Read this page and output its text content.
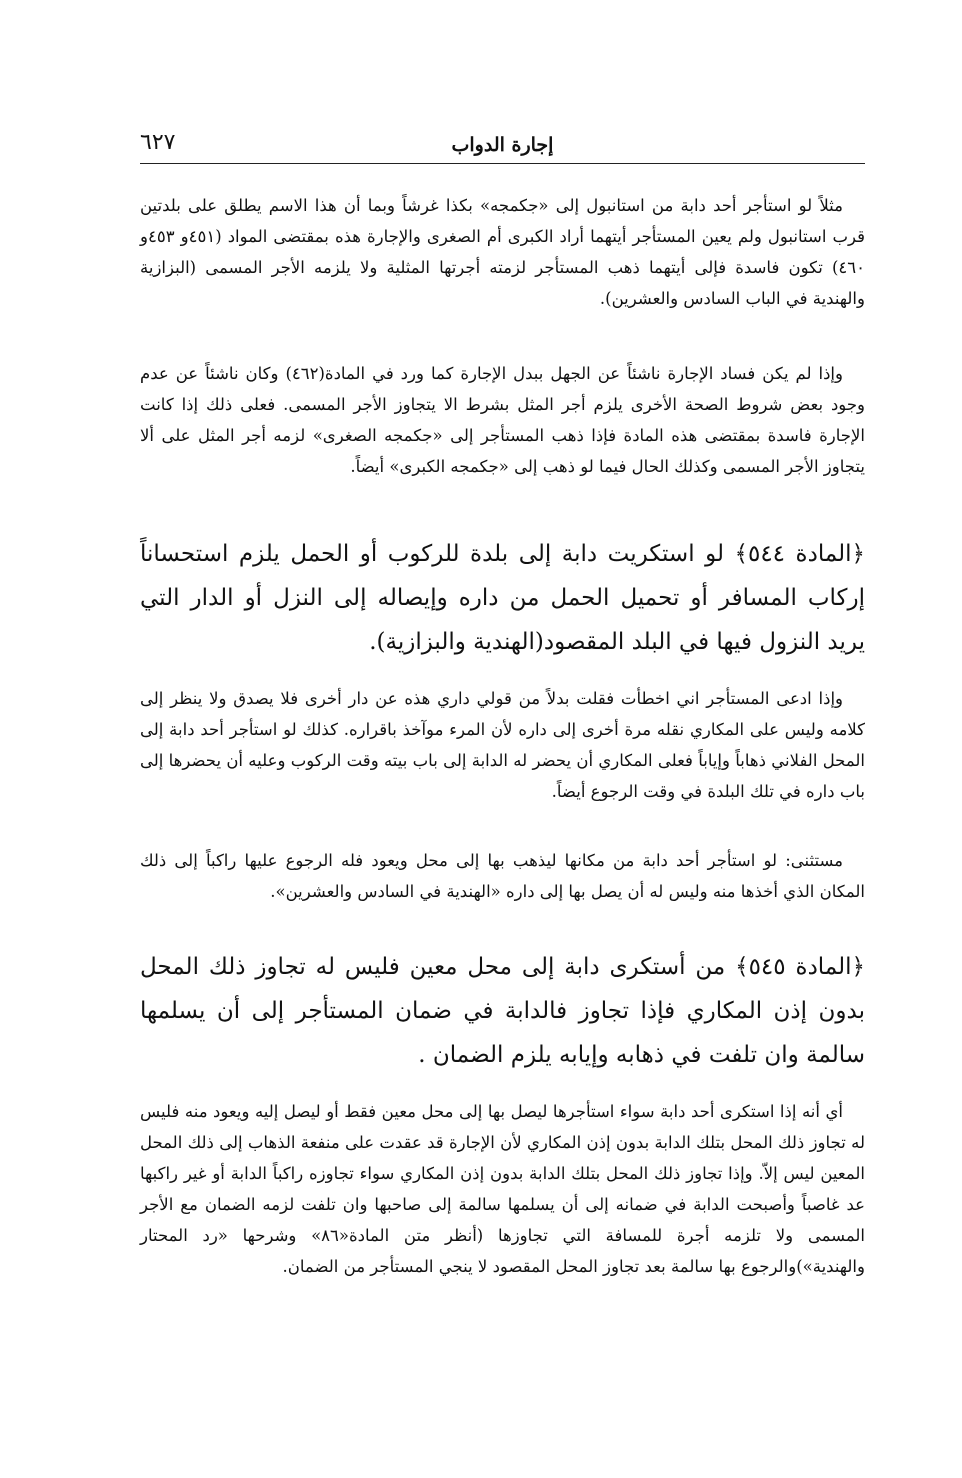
إجارة الدواب
٦٢٧

مثلاً لو استأجر أحد دابة من استانبول إلى «جكمجه» بكذا غرشاً وبما أن هذا الاسم يطلق على بلدتين قرب استانبول ولم يعين المستأجر أيتهما أراد الكبرى أم الصغرى والإجارة هذه بمقتضى المواد (٤٥١و ٤٥٣و ٤٦٠) تكون فاسدة فإلى أيتهما ذهب المستأجر لزمته أجرتها المثلية ولا يلزمه الأجر المسمى (البزازية والهندية في الباب السادس والعشرين).

وإذا لم يكن فساد الإجارة ناشئاً عن الجهل ببدل الإجارة كما ورد في المادة(٤٦٢) وكان ناشئاً عن عدم وجود بعض شروط الصحة الأخرى يلزم أجر المثل بشرط الا يتجاوز الأجر المسمى. فعلى ذلك إذا كانت الإجارة فاسدة بمقتضى هذه المادة فإذا ذهب المستأجر إلى «جكمجه الصغرى» لزمه أجر المثل على ألا يتجاوز الأجر المسمى وكذلك الحال فيما لو ذهب إلى «جكمجه الكبرى» أيضاً.

﴿المادة ٥٤٤﴾ لو استكريت دابة إلى بلدة للركوب أو الحمل يلزم استحساناً إركاب المسافر أو تحميل الحمل من داره وإيصاله إلى النزل أو الدار التي يريد النزول فيها في البلد المقصود(الهندية والبزازية).

وإذا ادعى المستأجر اني اخطأت فقلت بدلاً من قولي داري هذه عن دار أخرى فلا يصدق ولا ينظر إلى كلامه وليس على المكاري نقله مرة أخرى إلى داره لأن المرء موآخذ باقراره. كذلك لو استأجر أحد دابة إلى المحل الفلاني ذهاباً وإياباً فعلى المكاري أن يحضر له الدابة إلى باب بيته وقت الركوب وعليه أن يحضرها إلى باب داره في تلك البلدة في وقت الرجوع أيضاً.

مستثنى: لو استأجر أحد دابة من مكانها ليذهب بها إلى محل ويعود فله الرجوع عليها راكباً إلى ذلك المكان الذي أخذها منه وليس له أن يصل بها إلى داره «الهندية في السادس والعشرين».

﴿المادة ٥٤٥﴾ من أستكرى دابة إلى محل معين فليس له تجاوز ذلك المحل بدون إذن المكاري فإذا تجاوز فالدابة في ضمان المستأجر إلى أن يسلمها سالمة وان تلفت في ذهابه وإيابه يلزم الضمان .

أي أنه إذا استكرى أحد دابة سواء استأجرها ليصل بها إلى محل معين فقط أو ليصل إليه ويعود منه فليس له تجاوز ذلك المحل بتلك الدابة بدون إذن المكاري لأن الإجارة قد عقدت على منفعة الذهاب إلى ذلك المحل المعين ليس إلاّ. وإذا تجاوز ذلك المحل بتلك الدابة بدون إذن المكاري سواء تجاوزه راكباً الدابة أو غير راكبها عد غاصباً وأصبحت الدابة في ضمانه إلى أن يسلمها سالمة إلى صاحبها وان تلفت لزمه الضمان مع الأجر المسمى ولا تلزمه أجرة للمسافة التي تجاوزها (أنظر متن المادة«٨٦» وشرحها «رد المحتار والهندية»)والرجوع بها سالمة بعد تجاوز المحل المقصود لا ينجي المستأجر من الضمان.
